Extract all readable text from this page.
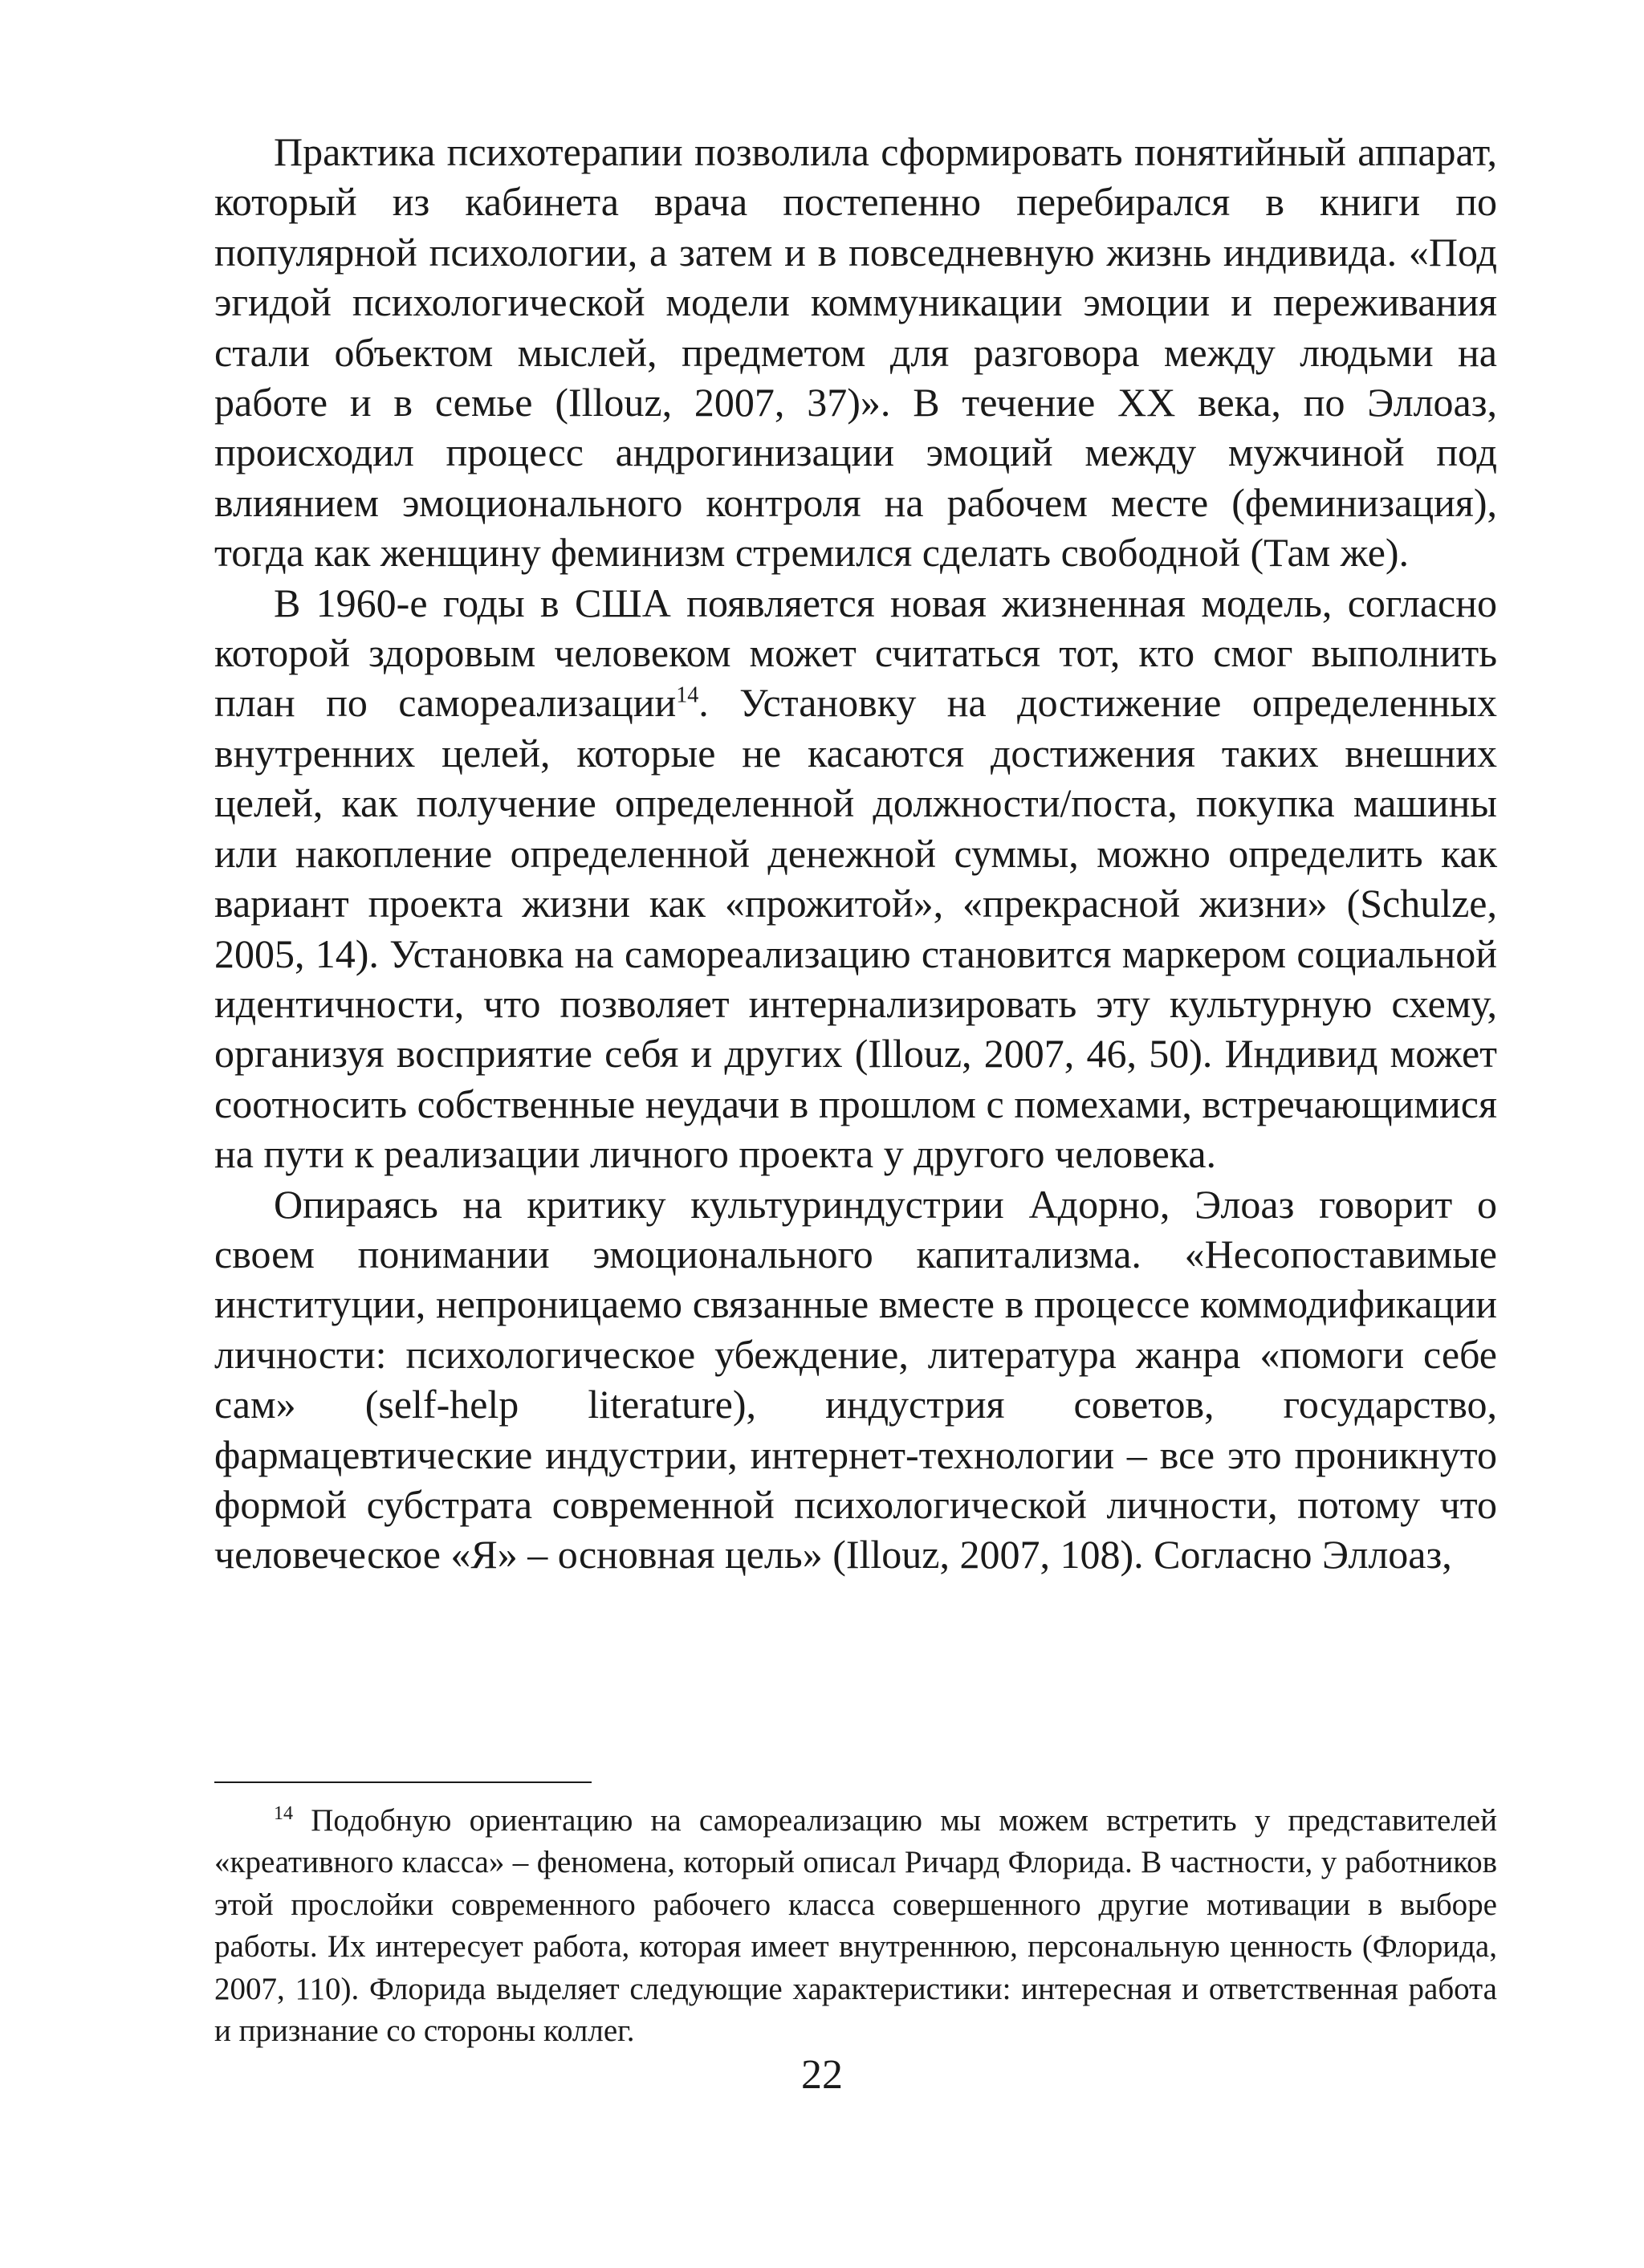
Практика психотерапии позволила сформировать понятийный аппарат, который из кабинета врача постепенно перебирался в книги по популярной психологии, а затем и в повседневную жизнь индивида. «Под эгидой психологической модели коммуникации эмоции и переживания стали объектом мыслей, предметом для разговора между людьми на работе и в семье (Illouz, 2007, 37)». В течение XX века, по Эллоаз, происходил процесс андрогинизации эмоций между мужчиной под влиянием эмоционального контроля на рабочем месте (феминизация), тогда как женщину феминизм стремился сделать свободной (Там же).

В 1960-е годы в США появляется новая жизненная модель, согласно которой здоровым человеком может считаться тот, кто смог выполнить план по самореализации$^{14}$. Установку на достижение определенных внутренних целей, которые не касаются достижения таких внешних целей, как получение определенной должности/поста, покупка машины или накопление определенной денежной суммы, можно определить как вариант проекта жизни как «прожитой», «прекрасной жизни» (Schulze, 2005, 14). Установка на самореализацию становится маркером социальной идентичности, что позволяет интернализировать эту культурную схему, организуя восприятие себя и других (Illouz, 2007, 46, 50). Индивид может соотносить собственные неудачи в прошлом с помехами, встречающимися на пути к реализации личного проекта у другого человека.

Опираясь на критику культуриндустрии Адорно, Элоаз говорит о своем понимании эмоционального капитализма. «Несопоставимые институции, непроницаемо связанные вместе в процессе коммодификации личности: психологическое убеждение, литература жанра «помоги себе сам» (self-help literature), индустрия советов, государство, фармацевтические индустрии, интернет-технологии – все это проникнуто формой субстрата современной психологической личности, потому что человеческое «Я» – основная цель» (Illouz, 2007, 108). Согласно Эллоаз,

$^{14}$ Подобную ориентацию на самореализацию мы можем встретить у представителей «креативного класса» – феномена, который описал Ричард Флорида. В частности, у работников этой прослойки современного рабочего класса совершенного другие мотивации в выборе работы. Их интересует работа, которая имеет внутреннюю, персональную ценность (Флорида, 2007, 110). Флорида выделяет следующие характеристики: интересная и ответственная работа и признание со стороны коллег.

22
